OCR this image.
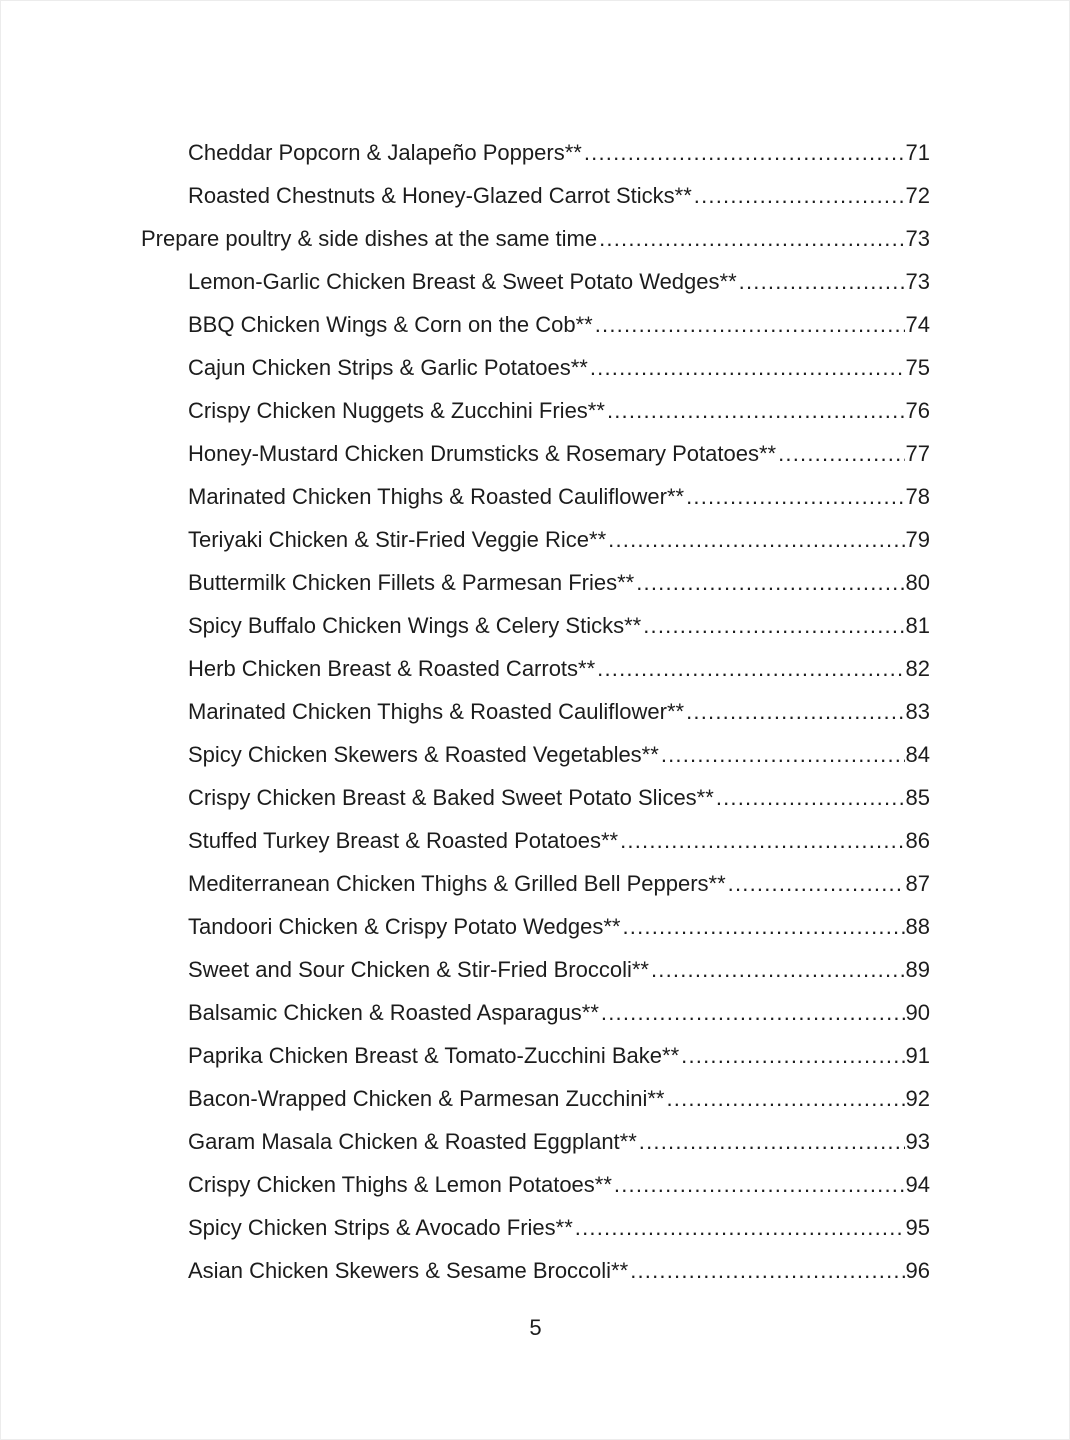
Cheddar Popcorn & Jalapeño Poppers** .....	71
Roasted Chestnuts & Honey-Glazed Carrot Sticks** .....	72
Prepare poultry & side dishes at the same time .....	73
Lemon-Garlic Chicken Breast & Sweet Potato Wedges** .....	73
BBQ Chicken Wings & Corn on the Cob** .....	74
Cajun Chicken Strips & Garlic Potatoes** .....	75
Crispy Chicken Nuggets & Zucchini Fries** .....	76
Honey-Mustard Chicken Drumsticks & Rosemary Potatoes** .....	77
Marinated Chicken Thighs & Roasted Cauliflower** .....	78
Teriyaki Chicken & Stir-Fried Veggie Rice** .....	79
Buttermilk Chicken Fillets & Parmesan Fries** .....	80
Spicy Buffalo Chicken Wings & Celery Sticks** .....	81
Herb Chicken Breast & Roasted Carrots** .....	82
Marinated Chicken Thighs & Roasted Cauliflower** .....	83
Spicy Chicken Skewers & Roasted Vegetables** .....	84
Crispy Chicken Breast & Baked Sweet Potato Slices** .....	85
Stuffed Turkey Breast & Roasted Potatoes** .....	86
Mediterranean Chicken Thighs & Grilled Bell Peppers** .....	87
Tandoori Chicken & Crispy Potato Wedges** .....	88
Sweet and Sour Chicken & Stir-Fried Broccoli** .....	89
Balsamic Chicken & Roasted Asparagus** .....	90
Paprika Chicken Breast & Tomato-Zucchini Bake** .....	91
Bacon-Wrapped Chicken & Parmesan Zucchini** .....	92
Garam Masala Chicken & Roasted Eggplant** .....	93
Crispy Chicken Thighs & Lemon Potatoes** .....	94
Spicy Chicken Strips & Avocado Fries** .....	95
Asian Chicken Skewers & Sesame Broccoli** .....	96
5
